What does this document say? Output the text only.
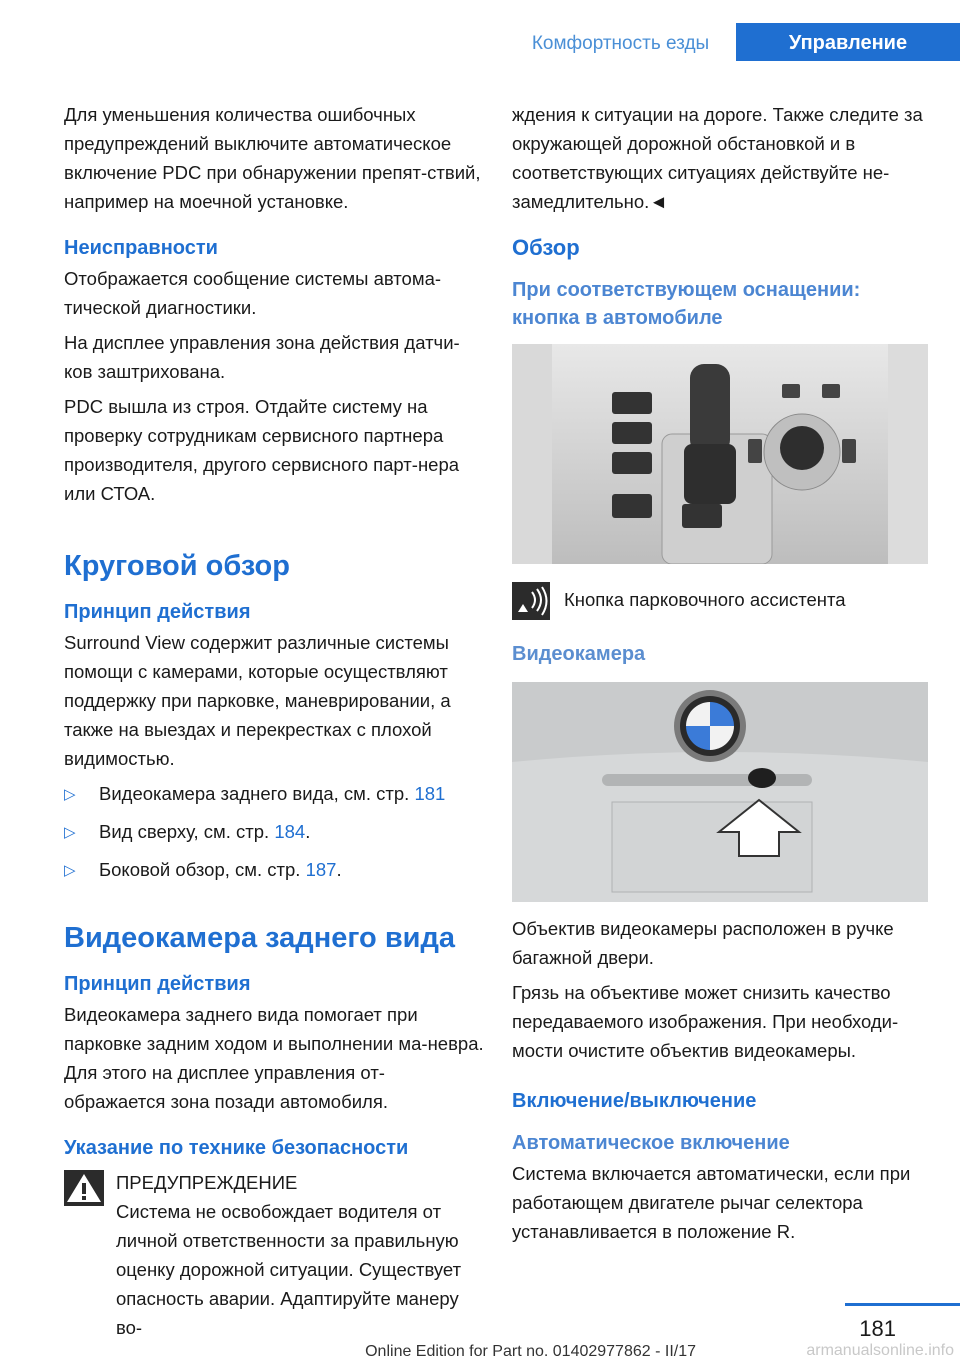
Комфортность езды	Управление

Для уменьшения количества ошибочных предупреждений выключите автоматическое включение PDC при обнаружении препят-ствий, например на моечной установке.

Неисправности

Отображается сообщение системы автома-тической диагностики.

На дисплее управления зона действия датчи-ков заштрихована.

PDC вышла из строя. Отдайте систему на проверку сотрудникам сервисного партнера производителя, другого сервисного парт-нера или СТОА.

Круговой обзор
Принцип действия

Surround View содержит различные системы помощи с камерами, которые осуществляют поддержку при парковке, маневрировании, а также на выездах и перекрестках с плохой видимостью.

▷ Видеокамера заднего вида, см. стр. 181
▷ Вид сверху, см. стр. 184.
▷ Боковой обзор, см. стр. 187.
Видеокамера заднего вида
Принцип действия

Видеокамера заднего вида помогает при парковке задним ходом и выполнении ма-невра. Для этого на дисплее управления от-ображается зона позади автомобиля.

Указание по технике безопасности
ПРЕДУПРЕЖДЕНИЕ
Система не освобождает водителя от личной ответственности за правильную оценку дорожной ситуации. Существует опасность аварии. Адаптируйте манеру во-

ждения к ситуации на дороге. Также следите за окружающей дорожной обстановкой и в соответствующих ситуациях действуйте не-замедлительно.◄

Обзор
При соответствующем оснащении: кнопка в автомобиле

Кнопка парковочного ассистента

Видеокамера

Объектив видеокамеры расположен в ручке багажной двери.

Грязь на объективе может снизить качество передаваемого изображения. При необходи-мости очистите объектив видеокамеры.

Включение/выключение
Автоматическое включение

Система включается автоматически, если при работающем двигателе рычаг селектора устанавливается в положение R.

181
Online Edition for Part no. 01402977862 - II/17	armanualsonline.info
